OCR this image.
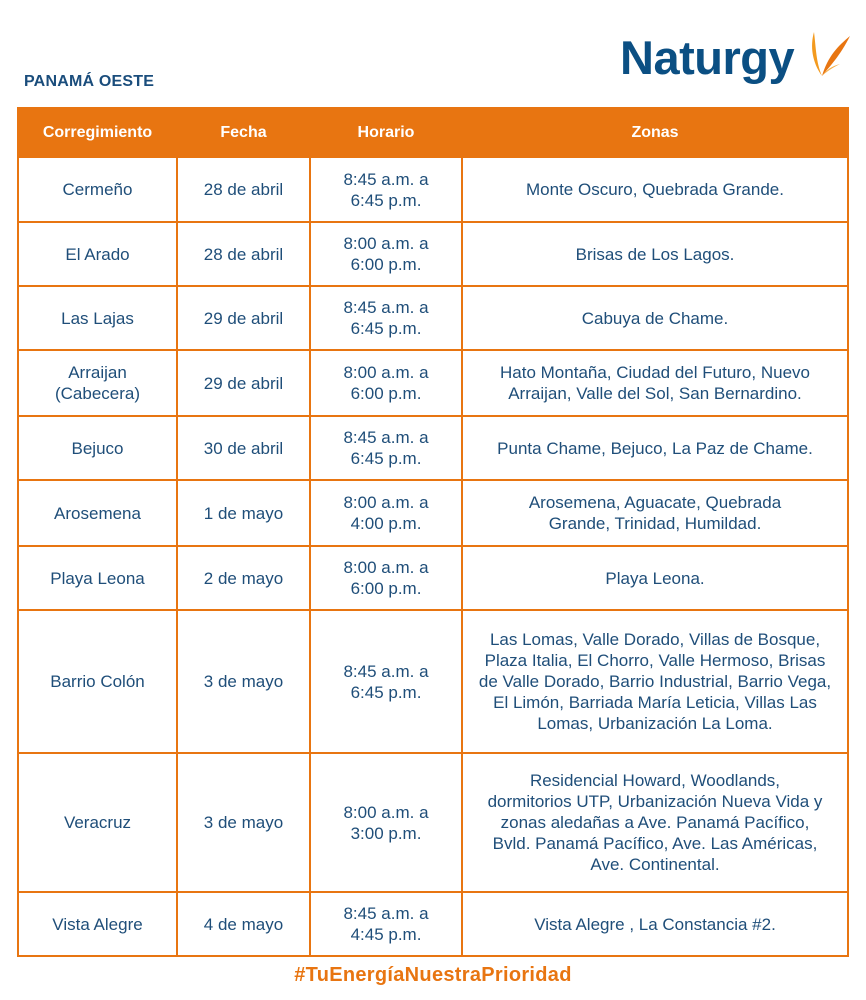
PANAMÁ OESTE	Naturgy
Corregimiento	Fecha	Horario	Zonas
Cermeño	28 de abril	8:45 a.m. a 6:45 p.m.	Monte Oscuro, Quebrada Grande.
El Arado	28 de abril	8:00 a.m. a 6:00 p.m.	Brisas de Los Lagos.
Las Lajas	29 de abril	8:45 a.m. a 6:45 p.m.	Cabuya de Chame.
Arraijan (Cabecera)	29 de abril	8:00 a.m. a 6:00 p.m.	Hato Montaña, Ciudad del Futuro, Nuevo Arraijan, Valle del Sol, San Bernardino.
Bejuco	30 de abril	8:45 a.m. a 6:45 p.m.	Punta Chame, Bejuco, La Paz de Chame.
Arosemena	1 de mayo	8:00 a.m. a 4:00 p.m.	Arosemena, Aguacate, Quebrada Grande, Trinidad, Humildad.
Playa Leona	2 de mayo	8:00 a.m. a 6:00 p.m.	Playa Leona.
Barrio Colón	3 de mayo	8:45 a.m. a 6:45 p.m.	Las Lomas, Valle Dorado, Villas de Bosque, Plaza Italia, El Chorro, Valle Hermoso, Brisas de Valle Dorado, Barrio Industrial, Barrio Vega, El Limón, Barriada María Leticia, Villas Las Lomas, Urbanización La Loma.
Veracruz	3 de mayo	8:00 a.m. a 3:00 p.m.	Residencial Howard, Woodlands, dormitorios UTP, Urbanización Nueva Vida y zonas aledañas a Ave. Panamá Pacífico, Bvld. Panamá Pacífico, Ave. Las Américas, Ave. Continental.
Vista Alegre	4 de mayo	8:45 a.m. a 4:45 p.m.	Vista Alegre , La Constancia #2.
#TuEnergíaNuestraPrioridad
